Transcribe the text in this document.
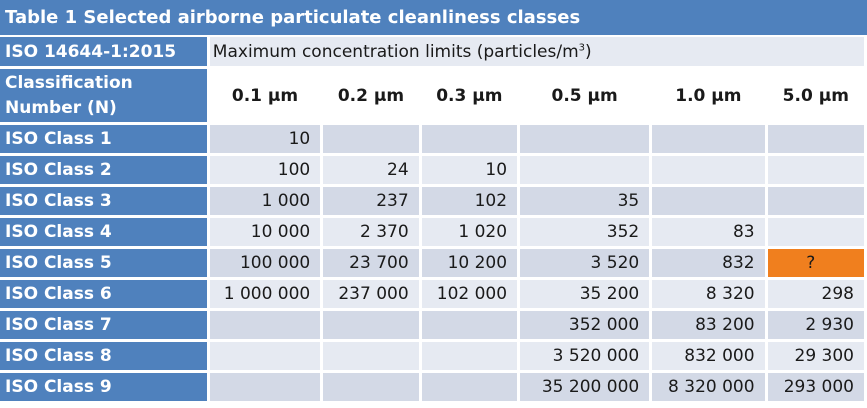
Table 1 Selected airborne particulate cleanliness classes
ISO 14644-1:2015	Maximum concentration limits $(particles/m^3)$					
Classification Number (N)	0.1 µm	0.2 µm	0.3 µm	0.5 µm	1.0 µm	5.0 µm
ISO Class 1	10					
ISO Class 2	100	24	10			
ISO Class 3	1 000	237	102	35		
ISO Class 4	10 000	2 370	1 020	352	83	
ISO Class 5	100 000	23 700	10 200	3 520	832	?
ISO Class 6	1 000 000	237 000	102 000	35 200	8 320	298
ISO Class 7				352 000	83 200	2 930
ISO Class 8				3 520 000	832 000	29 300
ISO Class 9				35 200 000	8 320 000	293 000
